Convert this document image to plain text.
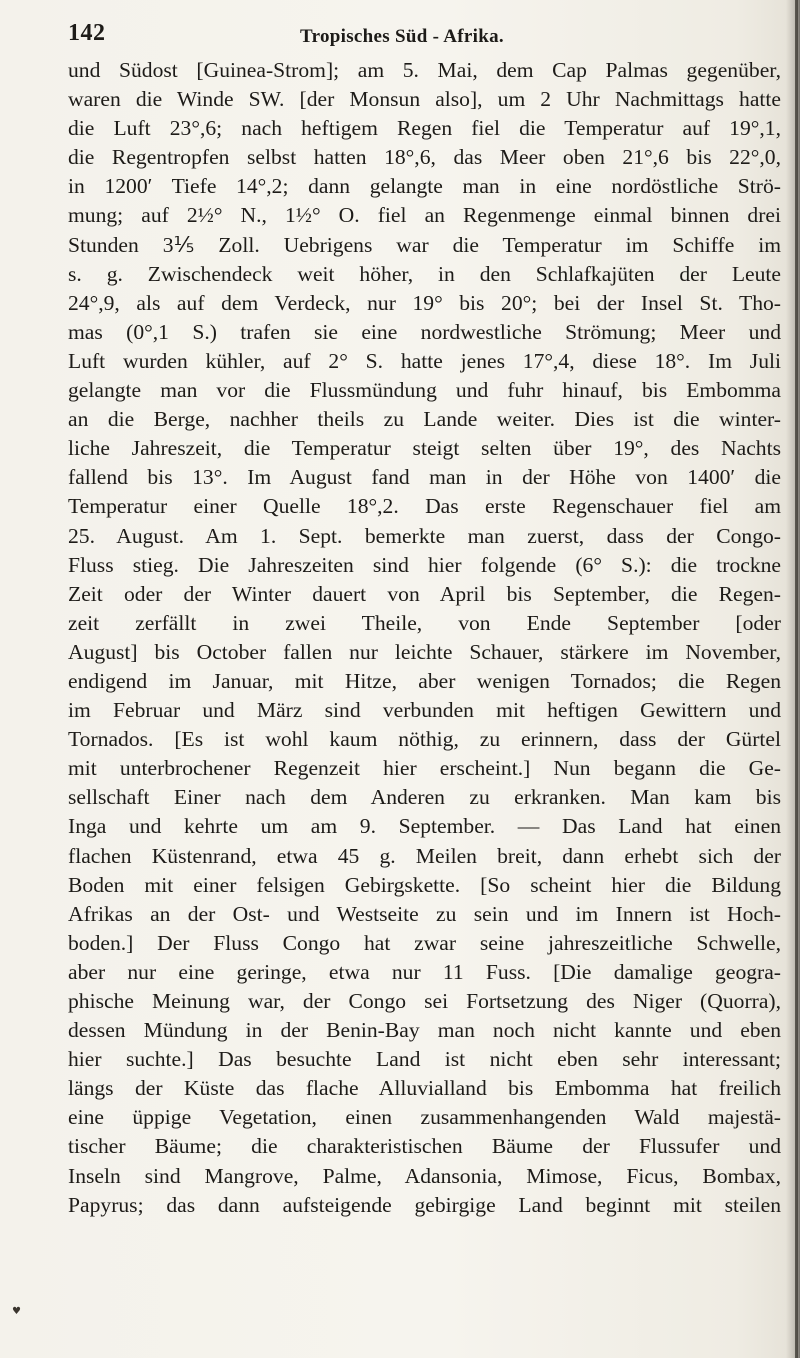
142	Tropisches Süd - Afrika.
und Südost [Guinea-Strom]; am 5. Mai, dem Cap Palmas gegenüber,
waren die Winde SW. [der Monsun also], um 2 Uhr Nachmittags hatte
die Luft 23°,6; nach heftigem Regen fiel die Temperatur auf 19°,1,
die Regentropfen selbst hatten 18°,6, das Meer oben 21°,6 bis 22°,0,
in 1200′ Tiefe 14°,2; dann gelangte man in eine nordöstliche Strö-
mung; auf 2½° N., 1½° O. fiel an Regenmenge einmal binnen drei
Stunden 3⅕ Zoll. Uebrigens war die Temperatur im Schiffe im
s. g. Zwischendeck weit höher, in den Schlafkajüten der Leute
24°,9, als auf dem Verdeck, nur 19° bis 20°; bei der Insel St. Tho-
mas (0°,1 S.) trafen sie eine nordwestliche Strömung; Meer und
Luft wurden kühler, auf 2° S. hatte jenes 17°,4, diese 18°. Im Juli
gelangte man vor die Flussmündung und fuhr hinauf, bis Embomma
an die Berge, nachher theils zu Lande weiter. Dies ist die winter-
liche Jahreszeit, die Temperatur steigt selten über 19°, des Nachts
fallend bis 13°. Im August fand man in der Höhe von 1400′ die
Temperatur einer Quelle 18°,2. Das erste Regenschauer fiel am
25. August. Am 1. Sept. bemerkte man zuerst, dass der Congo-
Fluss stieg. Die Jahreszeiten sind hier folgende (6° S.): die trockne
Zeit oder der Winter dauert von April bis September, die Regen-
zeit zerfällt in zwei Theile, von Ende September [oder
August] bis October fallen nur leichte Schauer, stärkere im November,
endigend im Januar, mit Hitze, aber wenigen Tornados; die Regen
im Februar und März sind verbunden mit heftigen Gewittern und
Tornados. [Es ist wohl kaum nöthig, zu erinnern, dass der Gürtel
mit unterbrochener Regenzeit hier erscheint.] Nun begann die Ge-
sellschaft Einer nach dem Anderen zu erkranken. Man kam bis
Inga und kehrte um am 9. September. — Das Land hat einen
flachen Küstenrand, etwa 45 g. Meilen breit, dann erhebt sich der
Boden mit einer felsigen Gebirgskette. [So scheint hier die Bildung
Afrikas an der Ost- und Westseite zu sein und im Innern ist Hoch-
boden.] Der Fluss Congo hat zwar seine jahreszeitliche Schwelle,
aber nur eine geringe, etwa nur 11 Fuss. [Die damalige geogra-
phische Meinung war, der Congo sei Fortsetzung des Niger (Quorra),
dessen Mündung in der Benin-Bay man noch nicht kannte und eben
hier suchte.] Das besuchte Land ist nicht eben sehr interessant;
längs der Küste das flache Alluvialland bis Embomma hat freilich
eine üppige Vegetation, einen zusammenhangenden Wald majestä-
tischer Bäume; die charakteristischen Bäume der Flussufer und
Inseln sind Mangrove, Palme, Adansonia, Mimose, Ficus, Bombax,
Papyrus; das dann aufsteigende gebirgige Land beginnt mit steilen
♥
